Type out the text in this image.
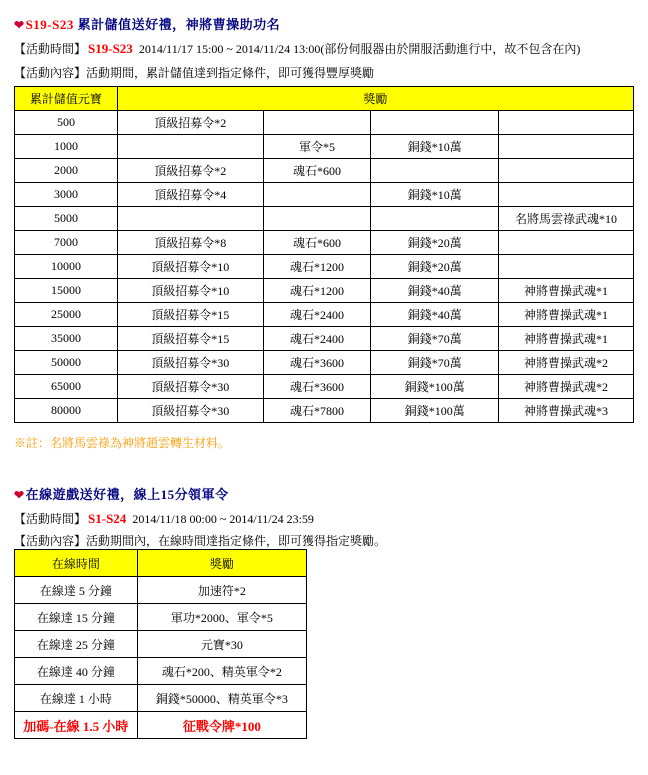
❤S19-S23 累計儲值送好禮，神將曹操助功名
【活動時間】 S19-S23 2014/11/17 15:00 ~ 2014/11/24 13:00(部份伺服器由於開服活動進行中，故不包含在內)
【活動內容】活動期間，累計儲值達到指定條件，即可獲得豐厚獎勵
累計儲值元寶	獎勵			
500	頂級招募令*2			
1000		軍令*5	銅錢*10萬	
2000	頂級招募令*2	魂石*600		
3000	頂級招募令*4		銅錢*10萬	
5000				名將馬雲祿武魂*10
7000	頂級招募令*8	魂石*600	銅錢*20萬	
10000	頂級招募令*10	魂石*1200	銅錢*20萬	
15000	頂級招募令*10	魂石*1200	銅錢*40萬	神將曹操武魂*1
25000	頂級招募令*15	魂石*2400	銅錢*40萬	神將曹操武魂*1
35000	頂級招募令*15	魂石*2400	銅錢*70萬	神將曹操武魂*1
50000	頂級招募令*30	魂石*3600	銅錢*70萬	神將曹操武魂*2
65000	頂級招募令*30	魂石*3600	銅錢*100萬	神將曹操武魂*2
80000	頂級招募令*30	魂石*7800	銅錢*100萬	神將曹操武魂*3
※註：名將馬雲祿為神將趙雲轉生材料。
❤在線遊戲送好禮，線上15分領軍令
【活動時間】 S1-S24 2014/11/18 00:00 ~ 2014/11/24 23:59
【活動內容】活動期間內，在線時間達指定條件，即可獲得指定獎勵。
在線時間	獎勵
在線達 5 分鐘	加速符*2
在線達 15 分鐘	軍功*2000、軍令*5
在線達 25 分鐘	元寶*30
在線達 40 分鐘	魂石*200、精英軍令*2
在線達 1 小時	銅錢*50000、精英軍令*3
加碼-在線 1.5 小時	征戰令牌*100
